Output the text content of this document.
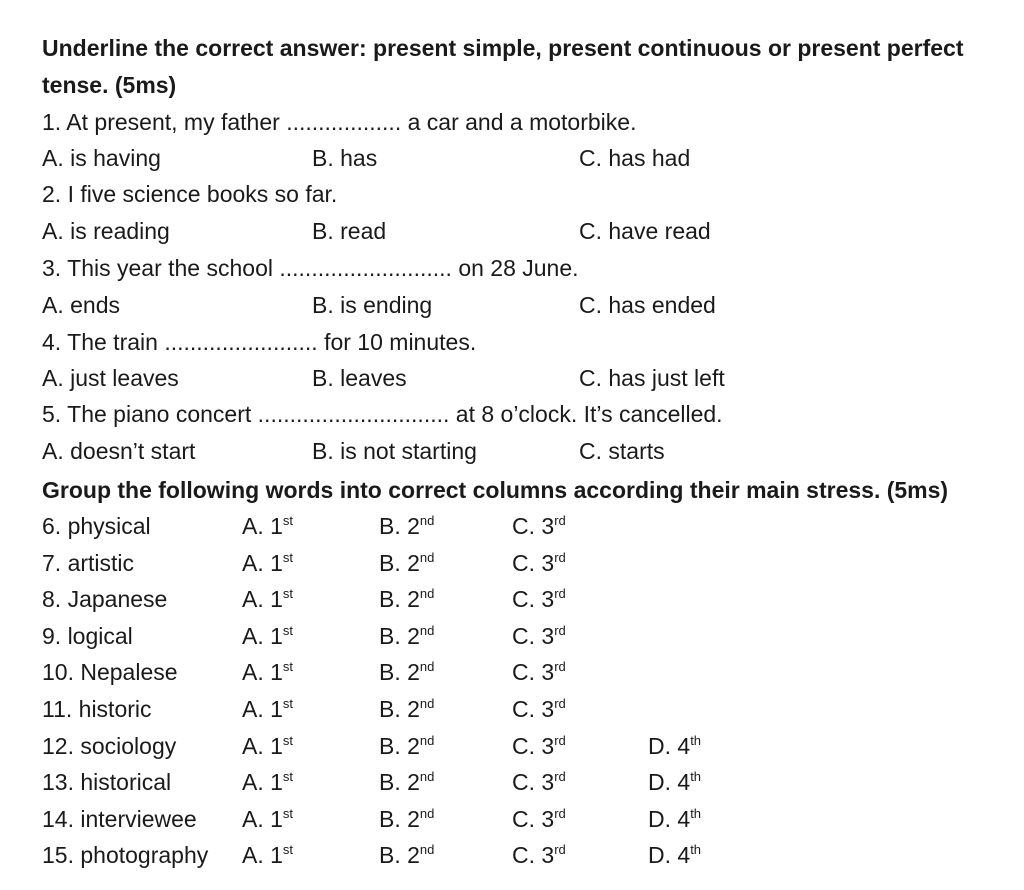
Underline the correct answer: present simple, present continuous or present perfect
tense. (5ms)
1. At present, my father .................. a car and a motorbike.
A. is having	B. has	C. has had
2. I five science books so far.
A. is reading	B. read	C. have read
3. This year the school ........................... on 28 June.
A. ends	B. is ending	C. has ended
4. The train ........................ for 10 minutes.
A. just leaves	B. leaves	C. has just left
5. The piano concert .............................. at 8 o’clock. It’s cancelled.
A. doesn’t start	B. is not starting	C. starts
Group the following words into correct columns according their main stress. (5ms)
6. physical	A. 1st	B. 2nd	C. 3rd
7. artistic	A. 1st	B. 2nd	C. 3rd
8. Japanese	A. 1st	B. 2nd	C. 3rd
9. logical	A. 1st	B. 2nd	C. 3rd
10. Nepalese	A. 1st	B. 2nd	C. 3rd
11. historic	A. 1st	B. 2nd	C. 3rd
12. sociology	A. 1st	B. 2nd	C. 3rd	D. 4th
13. historical	A. 1st	B. 2nd	C. 3rd	D. 4th
14. interviewee A. 1st	B. 2nd	C. 3rd	D. 4th
15. photography A. 1st	B. 2nd	C. 3rd	D. 4th
